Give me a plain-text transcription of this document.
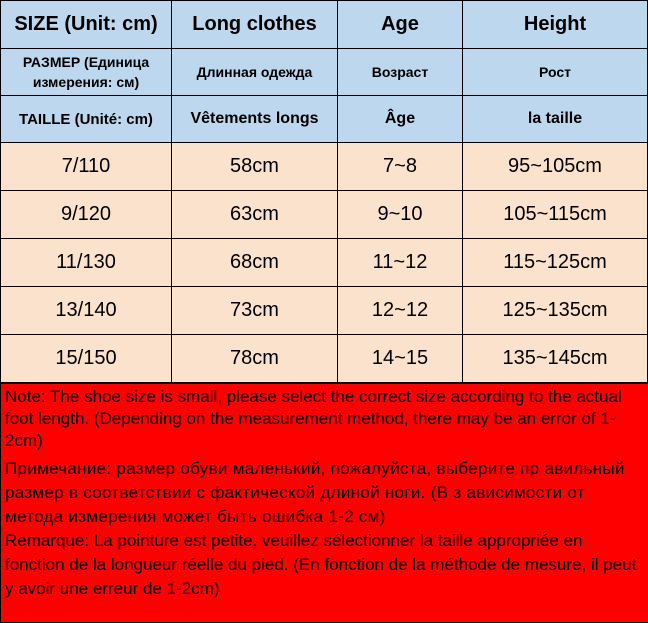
SIZE (Unit: cm)	Long clothes	Age	Height
РАЗМЕР (Единица измерения: см)	Длинная одежда	Возраст	Рост
TAILLE (Unité: cm)	Vêtements longs	Âge	la taille
7/110	58cm	7~8	95~105cm
9/120	63cm	9~10	105~115cm
11/130	68cm	11~12	115~125cm
13/140	73cm	12~12	125~135cm
15/150	78cm	14~15	135~145cm

Note: The shoe size is small, please select the correct size according to the actual foot length. (Depending on the measurement method, there may be an error of 1-2cm)

Примечание: размер обуви маленький, пожалуйста, выберите пр авильный размер в соответствии с фактической длиной ноги. (В з ависимости от метода измерения может быть ошибка 1-2 см)

Remarque: La pointure est petite, veuillez sélectionner la taille appropriée en fonction de la longueur réelle du pied. (En fonction de la méthode de mesure, il peut y avoir une erreur de 1-2cm)
